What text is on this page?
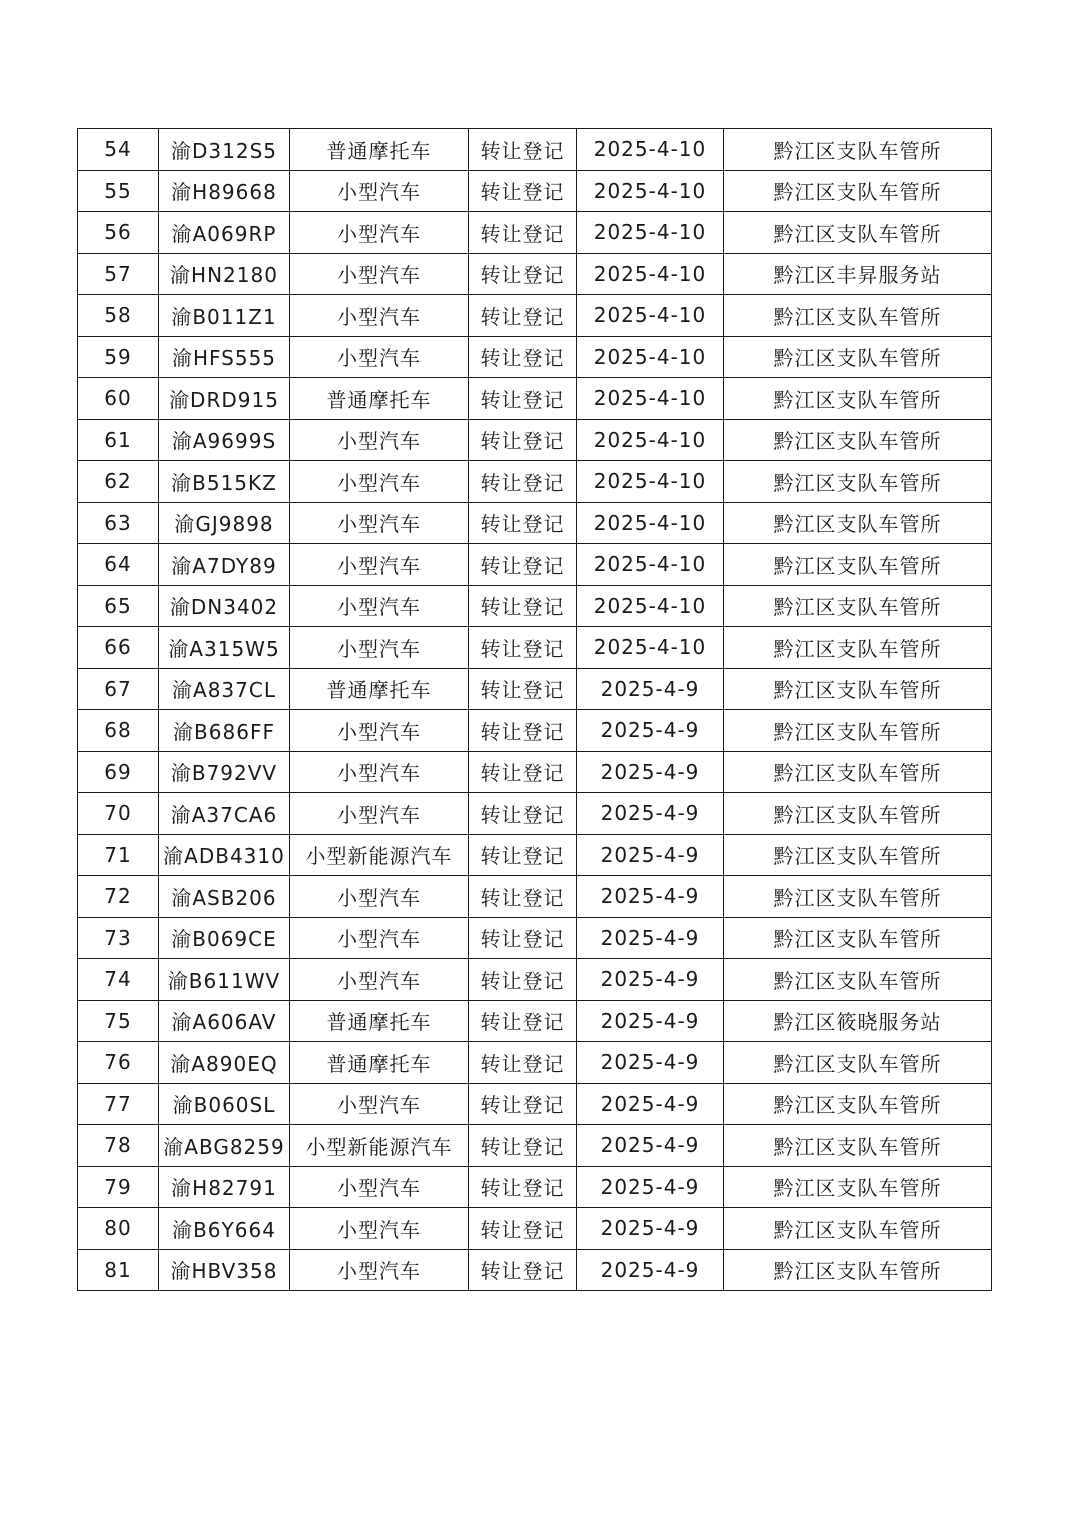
54	渝D312S5	普通摩托车	转让登记	2025-4-10	黔江区支队车管所
55	渝H89668	小型汽车	转让登记	2025-4-10	黔江区支队车管所
56	渝A069RP	小型汽车	转让登记	2025-4-10	黔江区支队车管所
57	渝HN2180	小型汽车	转让登记	2025-4-10	黔江区丰昇服务站
58	渝B011Z1	小型汽车	转让登记	2025-4-10	黔江区支队车管所
59	渝HFS555	小型汽车	转让登记	2025-4-10	黔江区支队车管所
60	渝DRD915	普通摩托车	转让登记	2025-4-10	黔江区支队车管所
61	渝A9699S	小型汽车	转让登记	2025-4-10	黔江区支队车管所
62	渝B515KZ	小型汽车	转让登记	2025-4-10	黔江区支队车管所
63	渝GJ9898	小型汽车	转让登记	2025-4-10	黔江区支队车管所
64	渝A7DY89	小型汽车	转让登记	2025-4-10	黔江区支队车管所
65	渝DN3402	小型汽车	转让登记	2025-4-10	黔江区支队车管所
66	渝A315W5	小型汽车	转让登记	2025-4-10	黔江区支队车管所
67	渝A837CL	普通摩托车	转让登记	2025-4-9	黔江区支队车管所
68	渝B686FF	小型汽车	转让登记	2025-4-9	黔江区支队车管所
69	渝B792VV	小型汽车	转让登记	2025-4-9	黔江区支队车管所
70	渝A37CA6	小型汽车	转让登记	2025-4-9	黔江区支队车管所
71	渝ADB4310	小型新能源汽车	转让登记	2025-4-9	黔江区支队车管所
72	渝ASB206	小型汽车	转让登记	2025-4-9	黔江区支队车管所
73	渝B069CE	小型汽车	转让登记	2025-4-9	黔江区支队车管所
74	渝B611WV	小型汽车	转让登记	2025-4-9	黔江区支队车管所
75	渝A606AV	普通摩托车	转让登记	2025-4-9	黔江区筱晓服务站
76	渝A890EQ	普通摩托车	转让登记	2025-4-9	黔江区支队车管所
77	渝B060SL	小型汽车	转让登记	2025-4-9	黔江区支队车管所
78	渝ABG8259	小型新能源汽车	转让登记	2025-4-9	黔江区支队车管所
79	渝H82791	小型汽车	转让登记	2025-4-9	黔江区支队车管所
80	渝B6Y664	小型汽车	转让登记	2025-4-9	黔江区支队车管所
81	渝HBV358	小型汽车	转让登记	2025-4-9	黔江区支队车管所
